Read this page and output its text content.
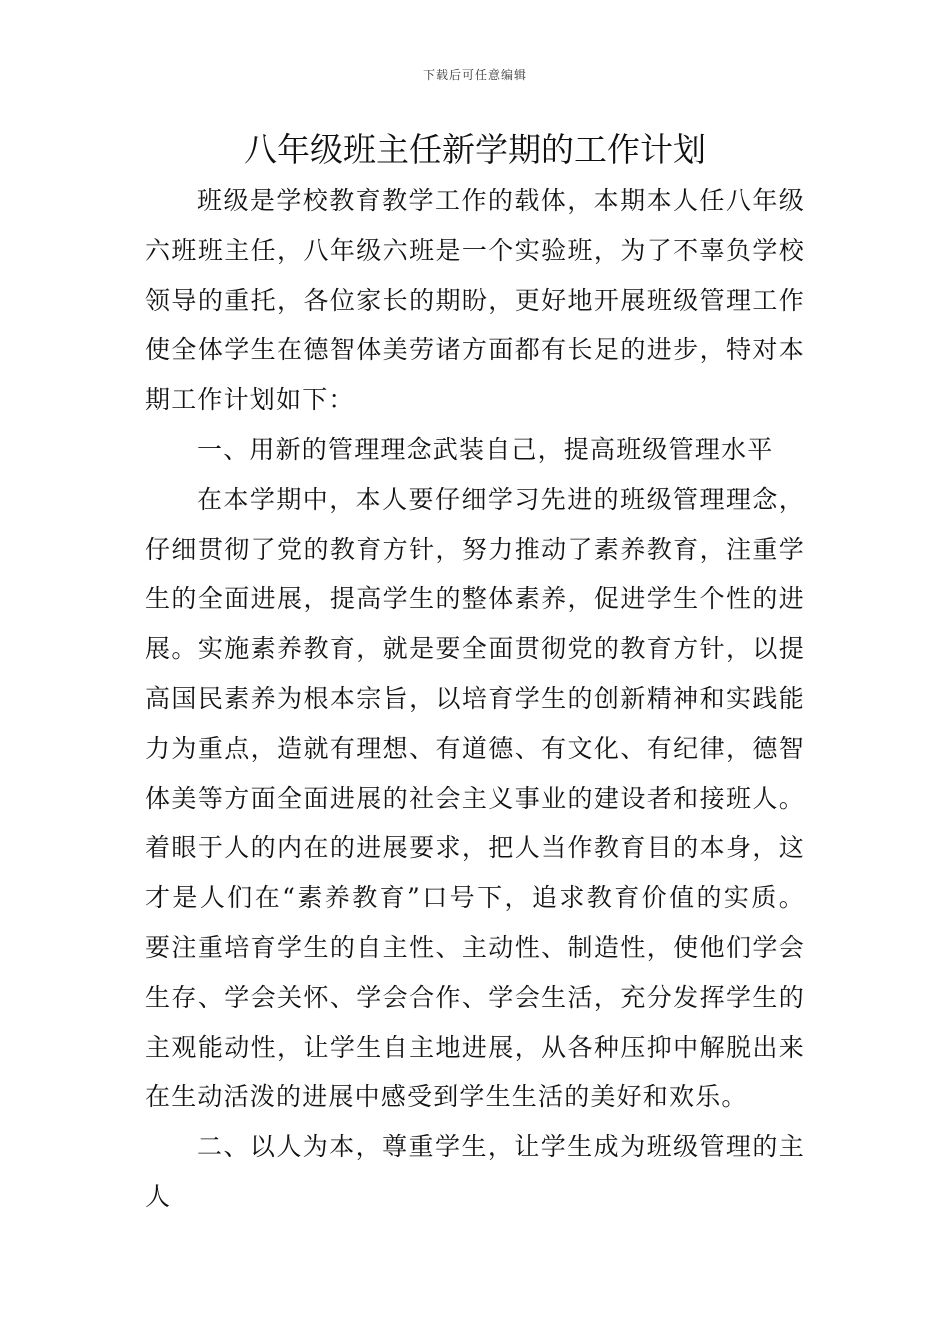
下载后可任意编辑
八年级班主任新学期的工作计划
班级是学校教育教学工作的载体，本期本人任八年级
六班班主任，八年级六班是一个实验班，为了不辜负学校
领导的重托，各位家长的期盼，更好地开展班级管理工作
使全体学生在德智体美劳诸方面都有长足的进步，特对本
期工作计划如下：
一、用新的管理理念武装自己，提高班级管理水平
在本学期中，本人要仔细学习先进的班级管理理念，
仔细贯彻了党的教育方针，努力推动了素养教育，注重学
生的全面进展，提高学生的整体素养，促进学生个性的进
展。实施素养教育，就是要全面贯彻党的教育方针，以提
高国民素养为根本宗旨，以培育学生的创新精神和实践能
力为重点，造就有理想、有道德、有文化、有纪律，德智
体美等方面全面进展的社会主义事业的建设者和接班人。
着眼于人的内在的进展要求，把人当作教育目的本身，这
才是人们在“素养教育”口号下，追求教育价值的实质。
要注重培育学生的自主性、主动性、制造性，使他们学会
生存、学会关怀、学会合作、学会生活，充分发挥学生的
主观能动性，让学生自主地进展，从各种压抑中解脱出来
在生动活泼的进展中感受到学生生活的美好和欢乐。
二、以人为本，尊重学生，让学生成为班级管理的主
人
